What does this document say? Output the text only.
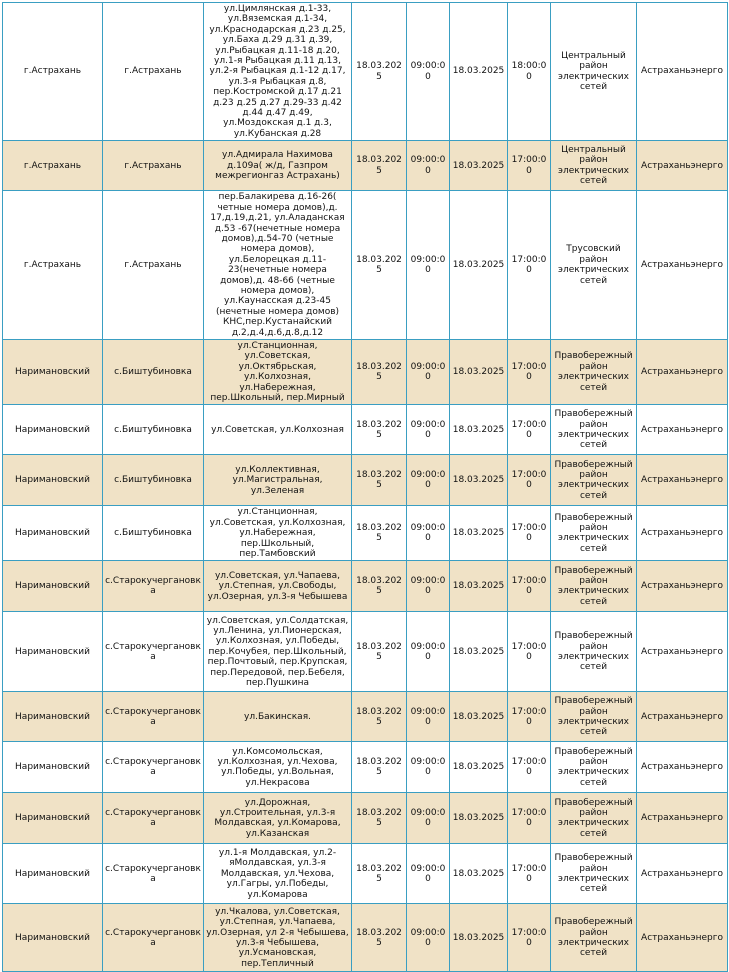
г.Астрахань	г.Астрахань	ул.Цимлянская д.1-33, ул.Вяземская д.1-34, ул.Краснодарская д.23 д.25, ул.Баха д.29 д.31 д.39, ул.Рыбацкая д.11-18 д.20, ул.1-я Рыбацкая д.11 д.13, ул.2-я Рыбацкая д.1-12 д.17, ул.3-я Рыбацкая д.8, пер.Костромской д.17 д.21 д.23 д.25 д.27 д.29-33 д.42 д.44 д.47 д.49, ул.Моздокская д.1 д.3, ул.Кубанская д.28	18.03.2025	09:00:00	18.03.2025	18:00:00	Центральный район электрических сетей	Астраханьэнерго
г.Астрахань	г.Астрахань	ул.Адмирала Нахимова д.109а( ж/д, Газпром межрегионгаз Астрахань)	18.03.2025	09:00:00	18.03.2025	17:00:00	Центральный район электрических сетей	Астраханьэнерго
г.Астрахань	г.Астрахань	пер.Балакирева д.16-26( четные номера домов),д. 17,д.19,д.21, ул.Аладанская д.53 -67(нечетные номера домов),д.54-70 (четные номера домов), ул.Белорецкая д.11- 23(нечетные номера домов),д. 48-66 (четные номера домов), ул.Каунасская д.23-45 (нечетные номера домов) КНС,пер.Кустанайский д.2,д.4,д.6,д.8,д.12	18.03.2025	09:00:00	18.03.2025	17:00:00	Трусовский район электрических сетей	Астраханьэнерго
Наримановский	с.Биштубиновка	ул.Станционная, ул.Советская, ул.Октябрьская, ул.Колхозная, ул.Набережная, пер.Школьный, пер.Мирный	18.03.2025	09:00:00	18.03.2025	17:00:00	Правобережный район электрических сетей	Астраханьэнерго
Наримановский	с.Биштубиновка	ул.Советская, ул.Колхозная	18.03.2025	09:00:00	18.03.2025	17:00:00	Правобережный район электрических сетей	Астраханьэнерго
Наримановский	с.Биштубиновка	ул.Коллективная, ул.Магистральная, ул.Зеленая	18.03.2025	09:00:00	18.03.2025	17:00:00	Правобережный район электрических сетей	Астраханьэнерго
Наримановский	с.Биштубиновка	ул.Станционная, ул.Советская, ул.Колхозная, ул.Набережная, пер.Школьный, пер.Тамбовский	18.03.2025	09:00:00	18.03.2025	17:00:00	Правобережный район электрических сетей	Астраханьэнерго
Наримановский	с.Старокучергановка	ул.Советская, ул.Чапаева, ул.Степная, ул.Свободы, ул.Озерная, ул.3-я Чебышева	18.03.2025	09:00:00	18.03.2025	17:00:00	Правобережный район электрических сетей	Астраханьэнерго
Наримановский	с.Старокучергановка	ул.Советская, ул.Солдатская, ул.Ленина, ул.Пионерская, ул.Колхозная, ул.Победы, пер.Кочубея, пер.Школьный, пер.Почтовый, пер.Крупская, пер.Передовой, пер.Бебеля, пер.Пушкина	18.03.2025	09:00:00	18.03.2025	17:00:00	Правобережный район электрических сетей	Астраханьэнерго
Наримановский	с.Старокучергановка	ул.Бакинская.	18.03.2025	09:00:00	18.03.2025	17:00:00	Правобережный район электрических сетей	Астраханьэнерго
Наримановский	с.Старокучергановка	ул.Комсомольская, ул.Колхозная, ул.Чехова, ул.Победы, ул.Вольная, ул.Некрасова	18.03.2025	09:00:00	18.03.2025	17:00:00	Правобережный район электрических сетей	Астраханьэнерго
Наримановский	с.Старокучергановка	ул.Дорожная, ул.Строительная, ул.3-я Молдавская, ул.Комарова, ул.Казанская	18.03.2025	09:00:00	18.03.2025	17:00:00	Правобережный район электрических сетей	Астраханьэнерго
Наримановский	с.Старокучергановка	ул.1-я Молдавская, ул.2- яМолдавская, ул.3-я Молдавская, ул.Чехова, ул.Гагры, ул.Победы, ул.Комарова	18.03.2025	09:00:00	18.03.2025	17:00:00	Правобережный район электрических сетей	Астраханьэнерго
Наримановский	с.Старокучергановка	ул.Чкалова, ул.Советская, ул.Степная, ул.Чапаева, ул.Озерная, ул 2-я Чебышева, ул.3-я Чебышева, ул.Усмановская, пер.Тепличный	18.03.2025	09:00:00	18.03.2025	17:00:00	Правобережный район электрических сетей	Астраханьэнерго
